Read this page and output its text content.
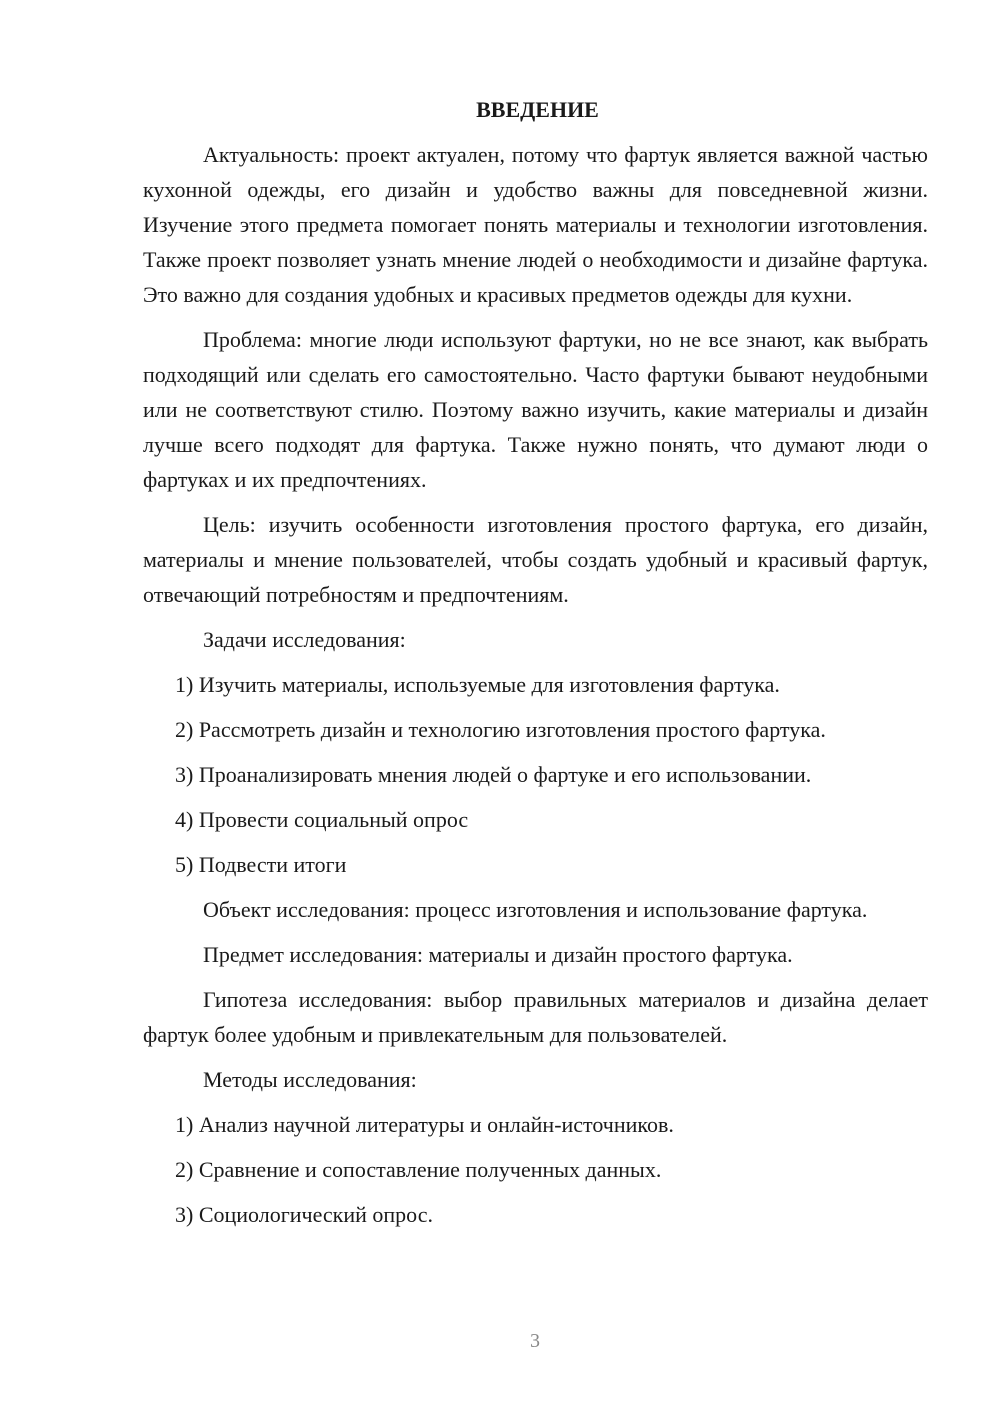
ВВЕДЕНИЕ

Актуальность: проект актуален, потому что фартук является важной частью кухонной одежды, его дизайн и удобство важны для повседневной жизни. Изучение этого предмета помогает понять материалы и технологии изготовления. Также проект позволяет узнать мнение людей о необходимости и дизайне фартука. Это важно для создания удобных и красивых предметов одежды для кухни.

Проблема: многие люди используют фартуки, но не все знают, как выбрать подходящий или сделать его самостоятельно. Часто фартуки бывают неудобными или не соответствуют стилю. Поэтому важно изучить, какие материалы и дизайн лучше всего подходят для фартука. Также нужно понять, что думают люди о фартуках и их предпочтениях.

Цель: изучить особенности изготовления простого фартука, его дизайн, материалы и мнение пользователей, чтобы создать удобный и красивый фартук, отвечающий потребностям и предпочтениям.

Задачи исследования:

1) Изучить материалы, используемые для изготовления фартука.
2) Рассмотреть дизайн и технологию изготовления простого фартука.
3) Проанализировать мнения людей о фартуке и его использовании.
4) Провести социальный опрос
5) Подвести итоги

Объект исследования: процесс изготовления и использование фартука.

Предмет исследования: материалы и дизайн простого фартука.

Гипотеза исследования: выбор правильных материалов и дизайна делает фартук более удобным и привлекательным для пользователей.

Методы исследования:

1) Анализ научной литературы и онлайн-источников.
2) Сравнение и сопоставление полученных данных.
3) Социологический опрос.
3
